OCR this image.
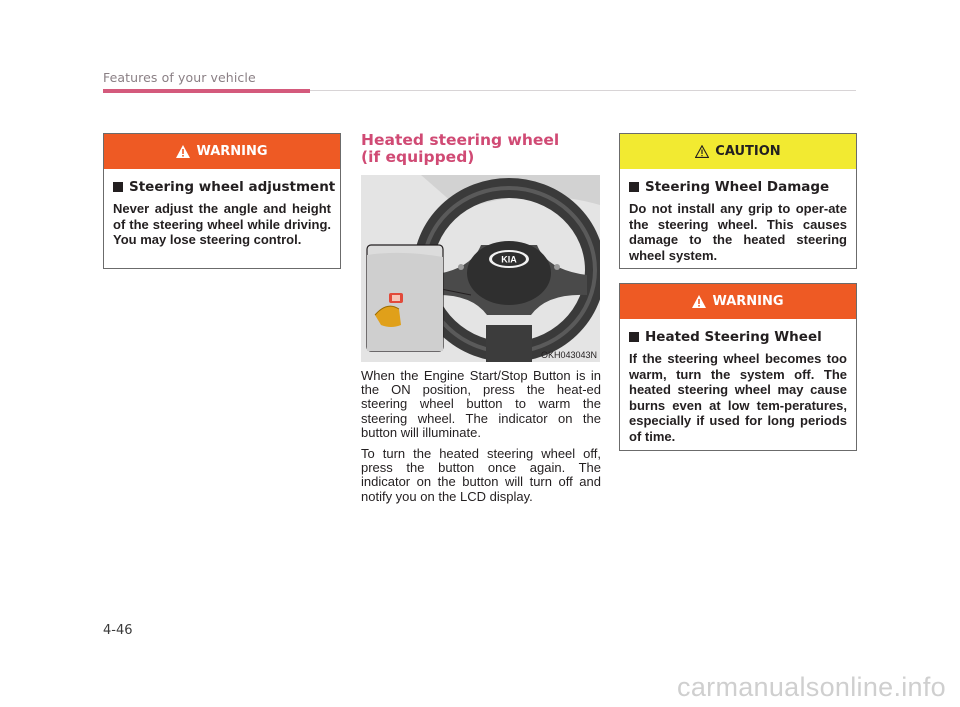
Features of your vehicle
WARNING
Steering wheel adjustment
Never adjust the angle and height of the steering wheel while driving. You may lose steering control.
Heated steering wheel
(if equipped)
KIA
OKH043043N
When the Engine Start/Stop Button is in the ON position, press the heat-ed steering wheel button to warm the steering wheel. The indicator on the button will illuminate.
To turn the heated steering wheel off, press the button once again. The indicator on the button will turn off and notify you on the LCD display.
CAUTION
Steering Wheel Damage
Do not install any grip to oper-ate the steering wheel. This causes damage to the heated steering wheel system.
WARNING
Heated Steering Wheel
If the steering wheel becomes too warm, turn the system off. The heated steering wheel may cause burns even at low tem-peratures, especially if used for long periods of time.
4-46
carmanualsonline.info
